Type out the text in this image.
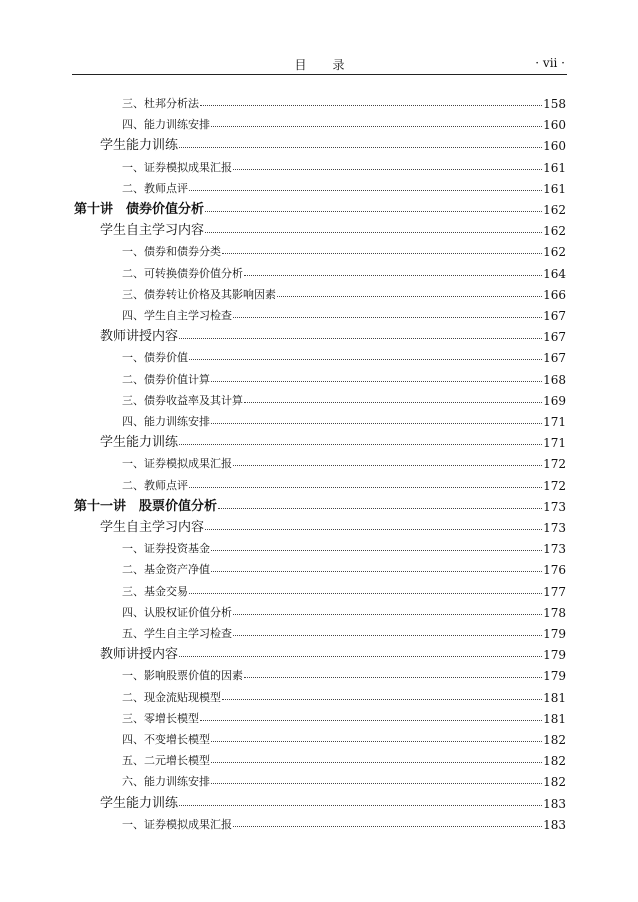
目录	· vii ·
三、杜邦分析法	158
四、能力训练安排	160
学生能力训练	160
一、证券模拟成果汇报	161
二、教师点评	161
第十讲　债券价值分析	162
学生自主学习内容	162
一、债券和债券分类	162
二、可转换债券价值分析	164
三、债券转让价格及其影响因素	166
四、学生自主学习检查	167
教师讲授内容	167
一、债券价值	167
二、债券价值计算	168
三、债券收益率及其计算	169
四、能力训练安排	171
学生能力训练	171
一、证券模拟成果汇报	172
二、教师点评	172
第十一讲　股票价值分析	173
学生自主学习内容	173
一、证券投资基金	173
二、基金资产净值	176
三、基金交易	177
四、认股权证价值分析	178
五、学生自主学习检查	179
教师讲授内容	179
一、影响股票价值的因素	179
二、现金流贴现模型	181
三、零增长模型	181
四、不变增长模型	182
五、二元增长模型	182
六、能力训练安排	182
学生能力训练	183
一、证券模拟成果汇报	183
